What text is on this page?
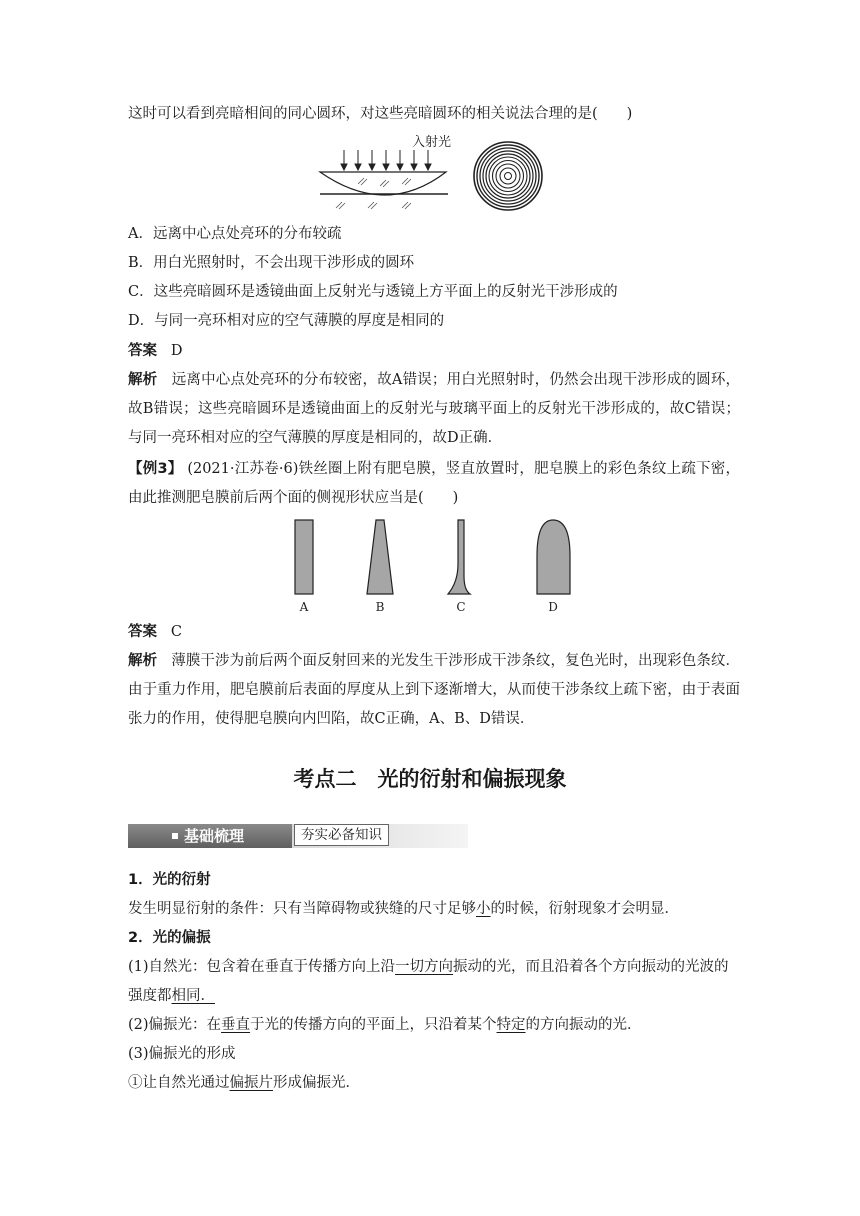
这时可以看到亮暗相间的同心圆环，对这些亮暗圆环的相关说法合理的是(　　)
入射光
A．远离中心点处亮环的分布较疏
B．用白光照射时，不会出现干涉形成的圆环
C．这些亮暗圆环是透镜曲面上反射光与透镜上方平面上的反射光干涉形成的
D．与同一亮环相对应的空气薄膜的厚度是相同的
答案 D
解析 远离中心点处亮环的分布较密，故A错误；用白光照射时，仍然会出现干涉形成的圆环，故B错误；这些亮暗圆环是透镜曲面上的反射光与玻璃平面上的反射光干涉形成的，故C错误；与同一亮环相对应的空气薄膜的厚度是相同的，故D正确．
【例3】 (2021·江苏卷·6)铁丝圈上附有肥皂膜，竖直放置时，肥皂膜上的彩色条纹上疏下密，由此推测肥皂膜前后两个面的侧视形状应当是(　　)
A	B	C	D
答案 C
解析 薄膜干涉为前后两个面反射回来的光发生干涉形成干涉条纹，复色光时，出现彩色条纹．由于重力作用，肥皂膜前后表面的厚度从上到下逐渐增大，从而使干涉条纹上疏下密，由于表面张力的作用，使得肥皂膜向内凹陷，故C正确，A、B、D错误．
考点二　光的衍射和偏振现象
基础梳理	夯实必备知识
1．光的衍射
发生明显衍射的条件：只有当障碍物或狭缝的尺寸足够小的时候，衍射现象才会明显．
2．光的偏振
(1)自然光：包含着在垂直于传播方向上沿一切方向振动的光，而且沿着各个方向振动的光波的强度都相同．
(2)偏振光：在垂直于光的传播方向的平面上，只沿着某个特定的方向振动的光．
(3)偏振光的形成
①让自然光通过偏振片形成偏振光．
